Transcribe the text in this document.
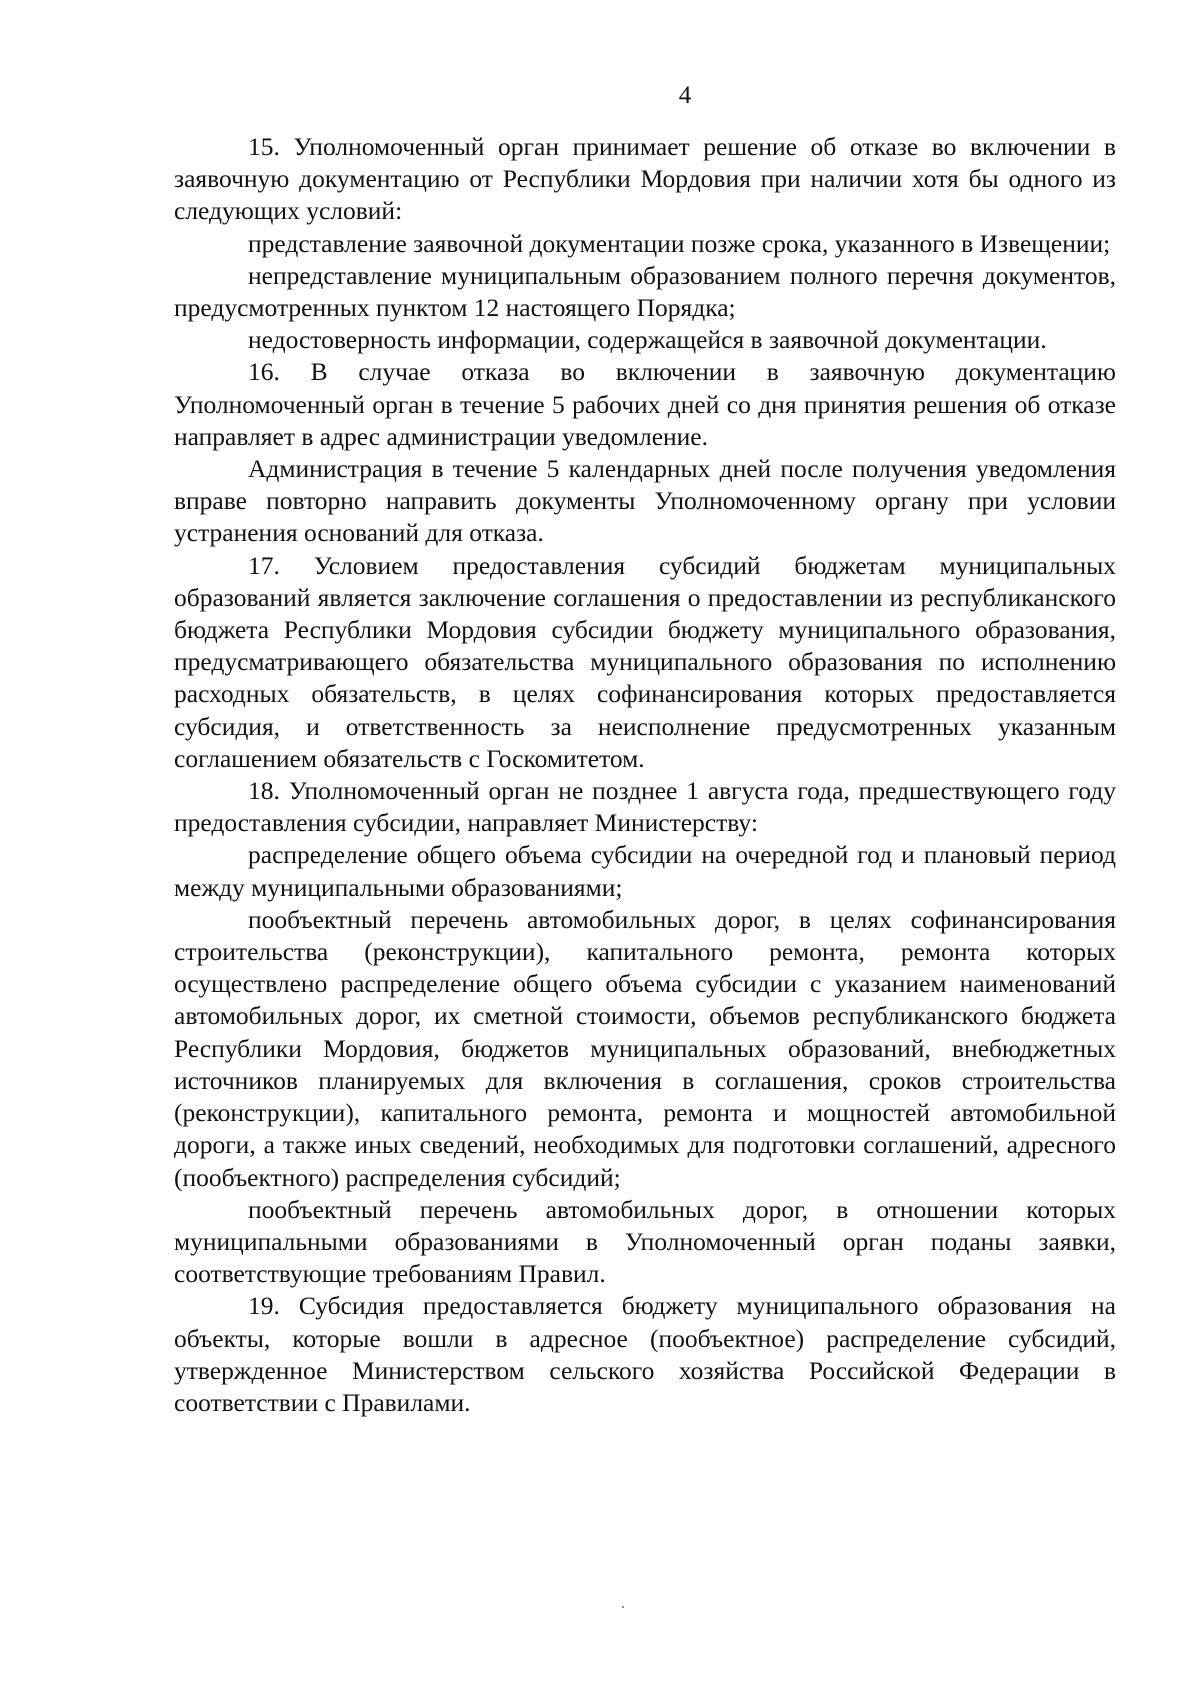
4

15. Уполномоченный орган принимает решение об отказе во включении в заявочную документацию от Республики Мордовия при наличии хотя бы одного из следующих условий:

представление заявочной документации позже срока, указанного в Извещении;

непредставление муниципальным образованием полного перечня документов, предусмотренных пунктом 12 настоящего Порядка;

недостоверность информации, содержащейся в заявочной документации.

16. В случае отказа во включении в заявочную документацию Уполномоченный орган в течение 5 рабочих дней со дня принятия решения об отказе направляет в адрес администрации уведомление.

Администрация в течение 5 календарных дней после получения уведомления вправе повторно направить документы Уполномоченному органу при условии устранения оснований для отказа.

17. Условием предоставления субсидий бюджетам муниципальных образований является заключение соглашения о предоставлении из республиканского бюджета Республики Мордовия субсидии бюджету муниципального образования, предусматривающего обязательства муниципального образования по исполнению расходных обязательств, в целях софинансирования которых предоставляется субсидия, и ответственность за неисполнение предусмотренных указанным соглашением обязательств с Госкомитетом.

18. Уполномоченный орган не позднее 1 августа года, предшествующего году предоставления субсидии, направляет Министерству:

распределение общего объема субсидии на очередной год и плановый период между муниципальными образованиями;

пообъектный перечень автомобильных дорог, в целях софинансирования строительства (реконструкции), капитального ремонта, ремонта которых осуществлено распределение общего объема субсидии с указанием наименований автомобильных дорог, их сметной стоимости, объемов республиканского бюджета Республики Мордовия, бюджетов муниципальных образований, внебюджетных источников планируемых для включения в соглашения, сроков строительства (реконструкции), капитального ремонта, ремонта и мощностей автомобильной дороги, а также иных сведений, необходимых для подготовки соглашений, адресного (пообъектного) распределения субсидий;

пообъектный перечень автомобильных дорог, в отношении которых муниципальными образованиями в Уполномоченный орган поданы заявки, соответствующие требованиям Правил.

19. Субсидия предоставляется бюджету муниципального образования на объекты, которые вошли в адресное (пообъектное) распределение субсидий, утвержденное Министерством сельского хозяйства Российской Федерации в соответствии с Правилами.
